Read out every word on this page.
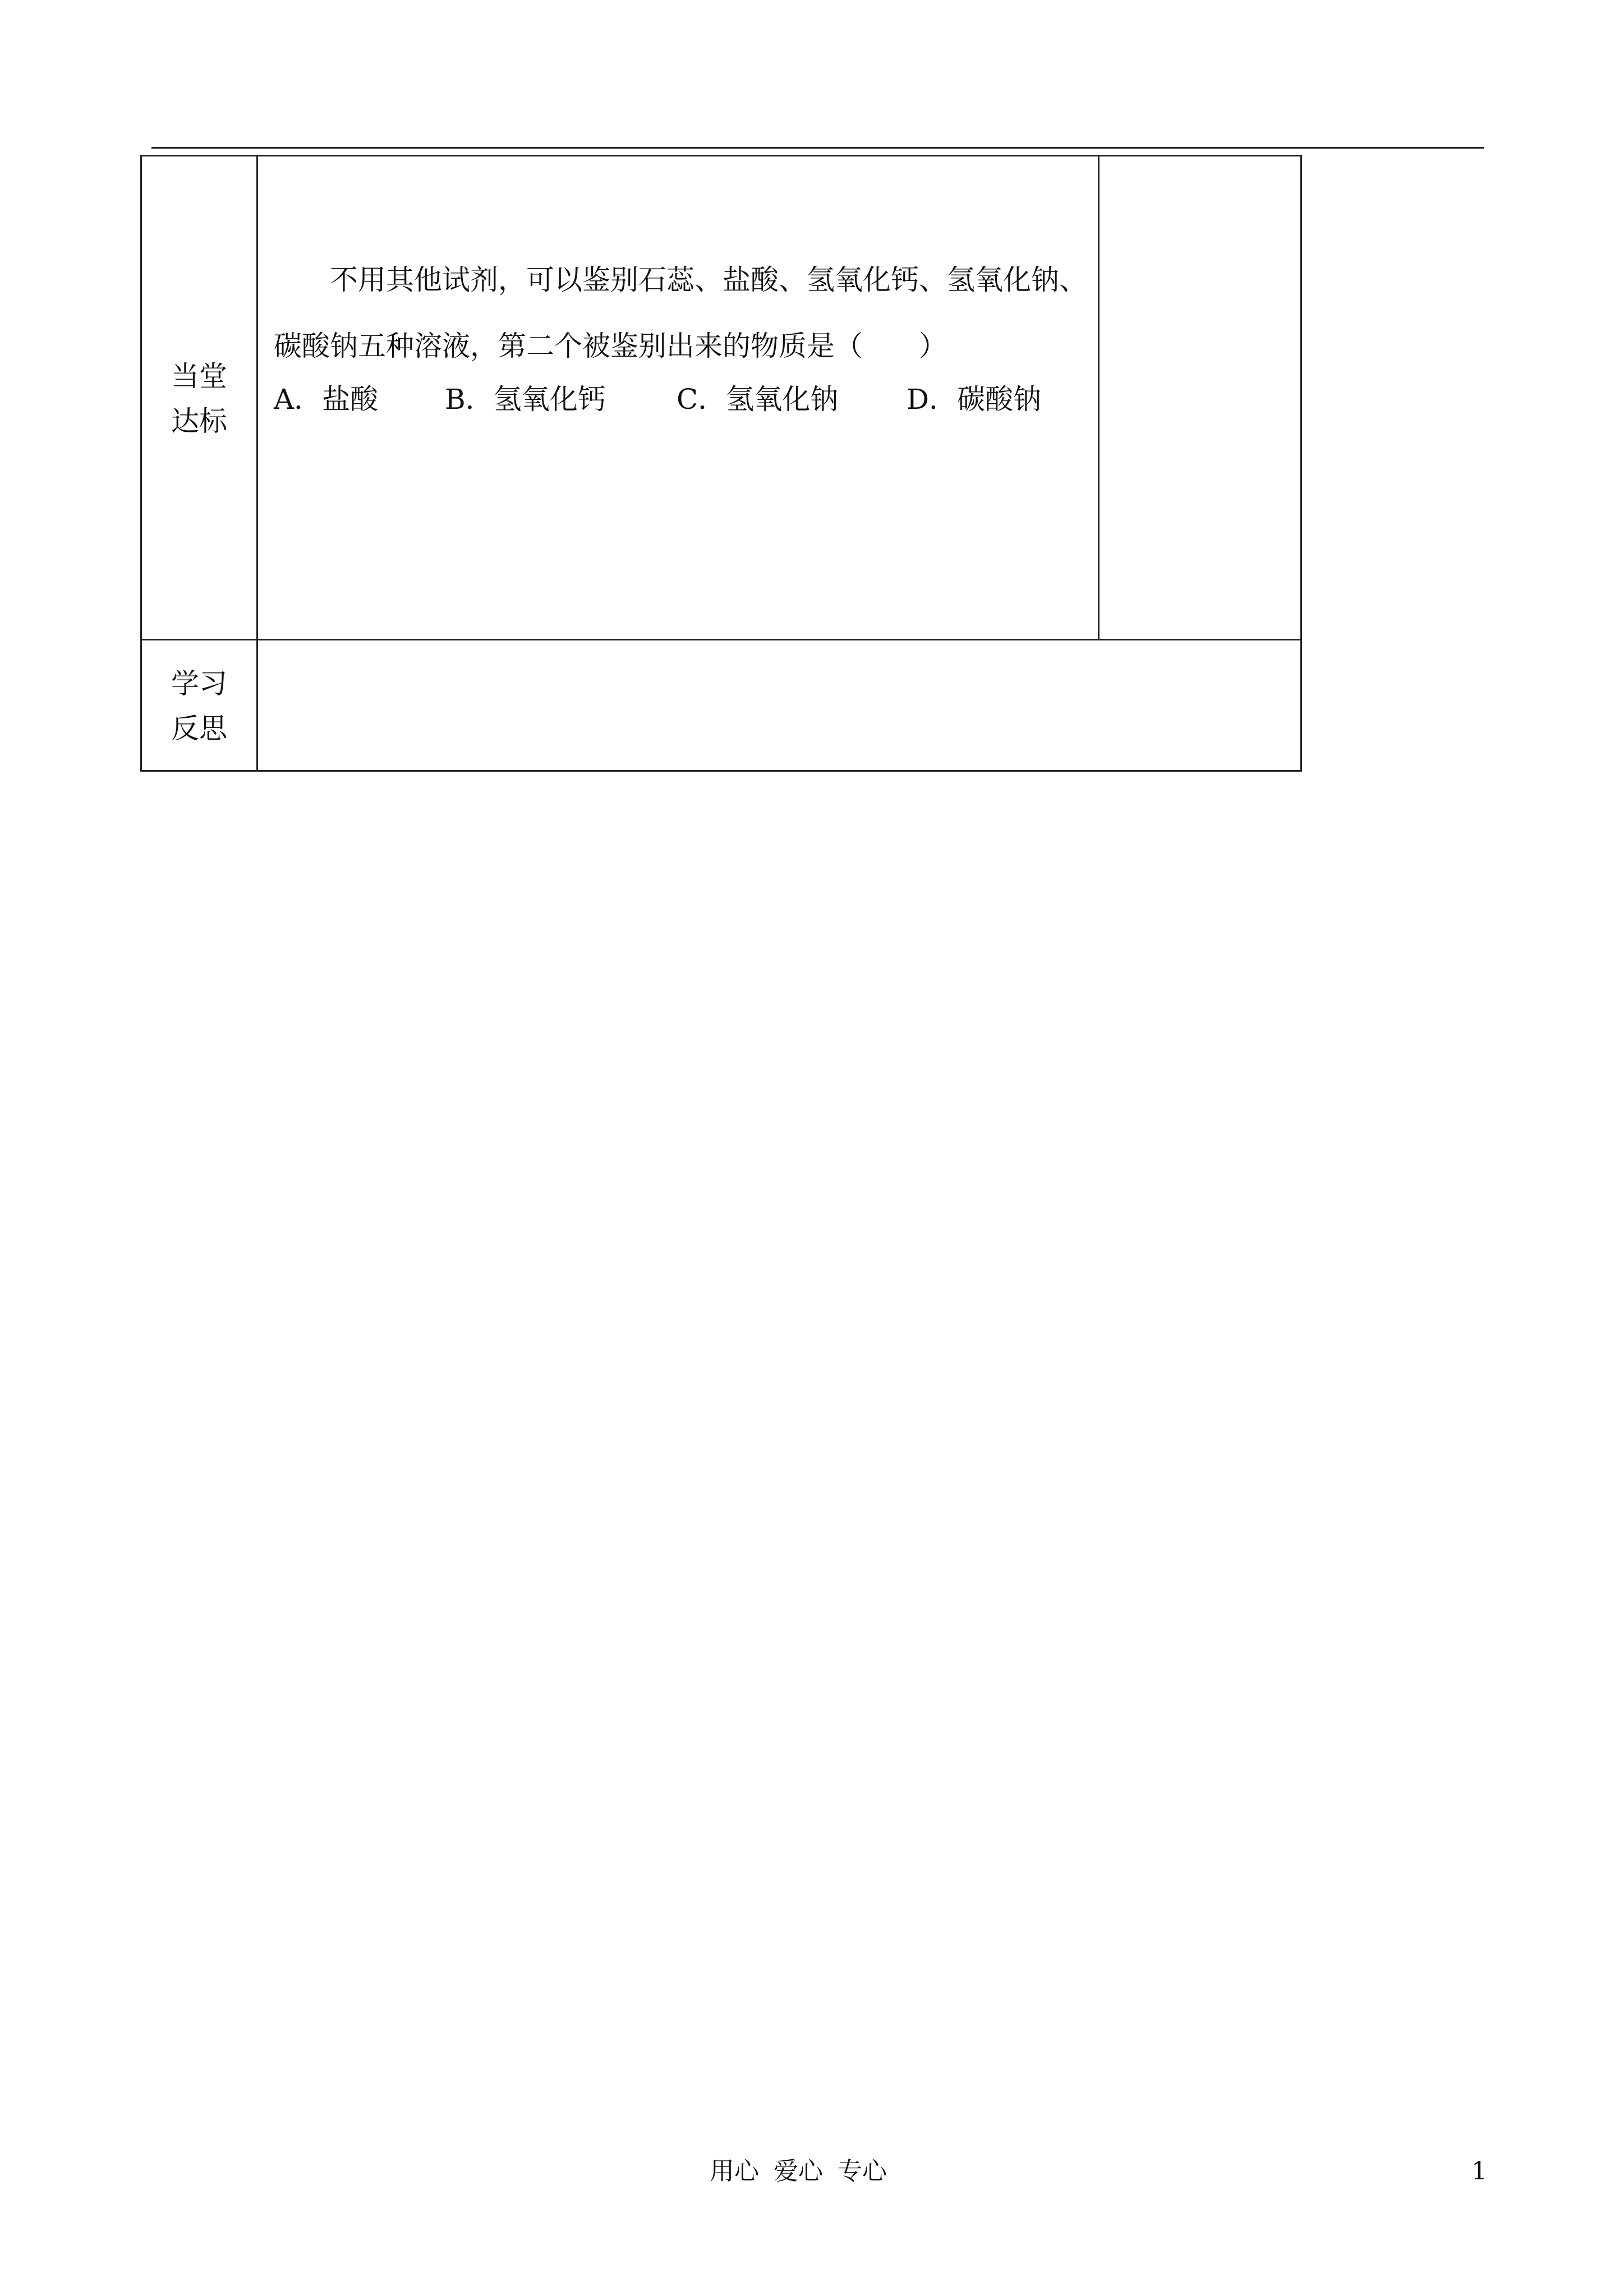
当堂
达标
学习
反思
不用其他试剂，可以鉴别石蕊、盐酸、氢氧化钙、氢氧化钠、
碳酸钠五种溶液，第二个被鉴别出来的物质是（　　）
A．盐酸 B．氢氧化钙	C．氢氧化钠 D．碳酸钠
用心 爱心 专心	1
